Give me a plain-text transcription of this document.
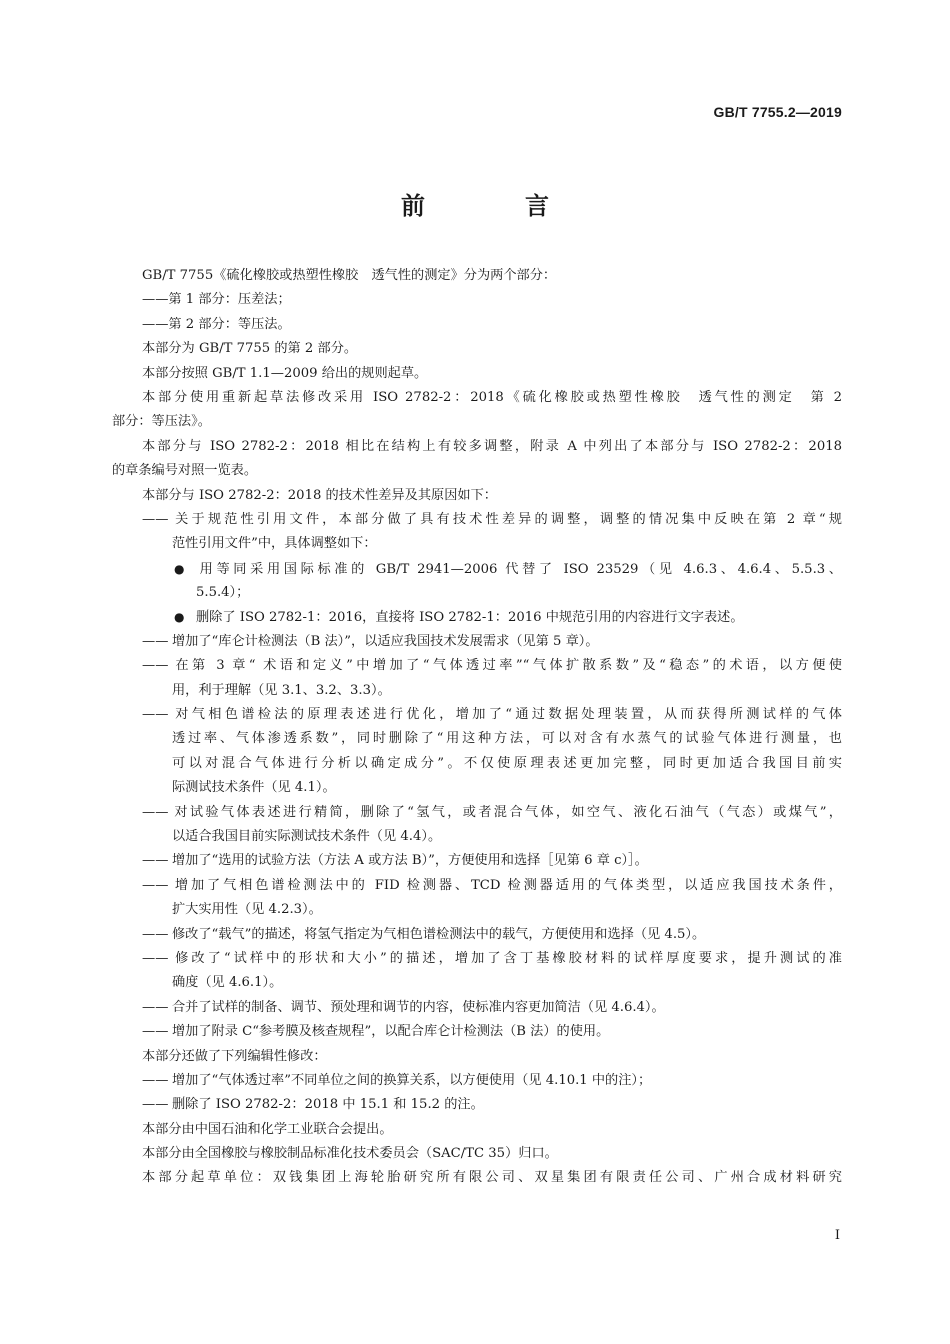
GB/T 7755.2—2019
前　言
GB/T 7755《硫化橡胶或热塑性橡胶　透气性的测定》分为两个部分：
——第 1 部分：压差法；
——第 2 部分：等压法。
本部分为 GB/T 7755 的第 2 部分。
本部分按照 GB/T 1.1—2009 给出的规则起草。
本部分使用重新起草法修改采用 ISO 2782-2：2018《硫化橡胶或热塑性橡胶　透气性的测定　第 2
部分：等压法》。
本部分与 ISO 2782-2：2018 相比在结构上有较多调整，附录 A 中列出了本部分与 ISO 2782-2：2018
的章条编号对照一览表。
本部分与 ISO 2782-2：2018 的技术性差异及其原因如下：
—— 关于规范性引用文件，本部分做了具有技术性差异的调整，调整的情况集中反映在第 2 章“规
范性引用文件”中，具体调整如下：
● 用等同采用国际标准的 GB/T 2941—2006 代替了 ISO 23529（见 4.6.3、4.6.4、5.5.3、
5.5.4）；
● 删除了 ISO 2782-1：2016，直接将 ISO 2782-1：2016 中规范引用的内容进行文字表述。
—— 增加了“库仑计检测法（B 法）”，以适应我国技术发展需求（见第 5 章）。
—— 在第 3 章“ 术语和定义”中增加了“气体透过率”“气体扩散系数”及“稳态”的术语，以方便使
用，利于理解（见 3.1、3.2、3.3）。
—— 对气相色谱检法的原理表述进行优化，增加了“通过数据处理装置，从而获得所测试样的气体
透过率、气体渗透系数”，同时删除了“用这种方法，可以对含有水蒸气的试验气体进行测量，也
可以对混合气体进行分析以确定成分”。不仅使原理表述更加完整，同时更加适合我国目前实
际测试技术条件（见 4.1）。
—— 对试验气体表述进行精简，删除了“氢气，或者混合气体，如空气、液化石油气（气态）或煤气”，
以适合我国目前实际测试技术条件（见 4.4）。
—— 增加了“选用的试验方法（方法 A 或方法 B）”，方便使用和选择［见第 6 章 c）］。
—— 增加了气相色谱检测法中的 FID 检测器、TCD 检测器适用的气体类型，以适应我国技术条件，
扩大实用性（见 4.2.3）。
—— 修改了“载气”的描述，将氢气指定为气相色谱检测法中的载气，方便使用和选择（见 4.5）。
—— 修改了“试样中的形状和大小”的描述，增加了含丁基橡胶材料的试样厚度要求，提升测试的准
确度（见 4.6.1）。
—— 合并了试样的制备、调节、预处理和调节的内容，使标准内容更加简洁（见 4.6.4）。
—— 增加了附录 C“参考膜及核查规程”，以配合库仑计检测法（B 法）的使用。
本部分还做了下列编辑性修改：
—— 增加了“气体透过率”不同单位之间的换算关系，以方便使用（见 4.10.1 中的注）；
—— 删除了 ISO 2782-2：2018 中 15.1 和 15.2 的注。
本部分由中国石油和化学工业联合会提出。
本部分由全国橡胶与橡胶制品标准化技术委员会（SAC/TC 35）归口。
本部分起草单位：双钱集团上海轮胎研究所有限公司、双星集团有限责任公司、广州合成材料研究
I
